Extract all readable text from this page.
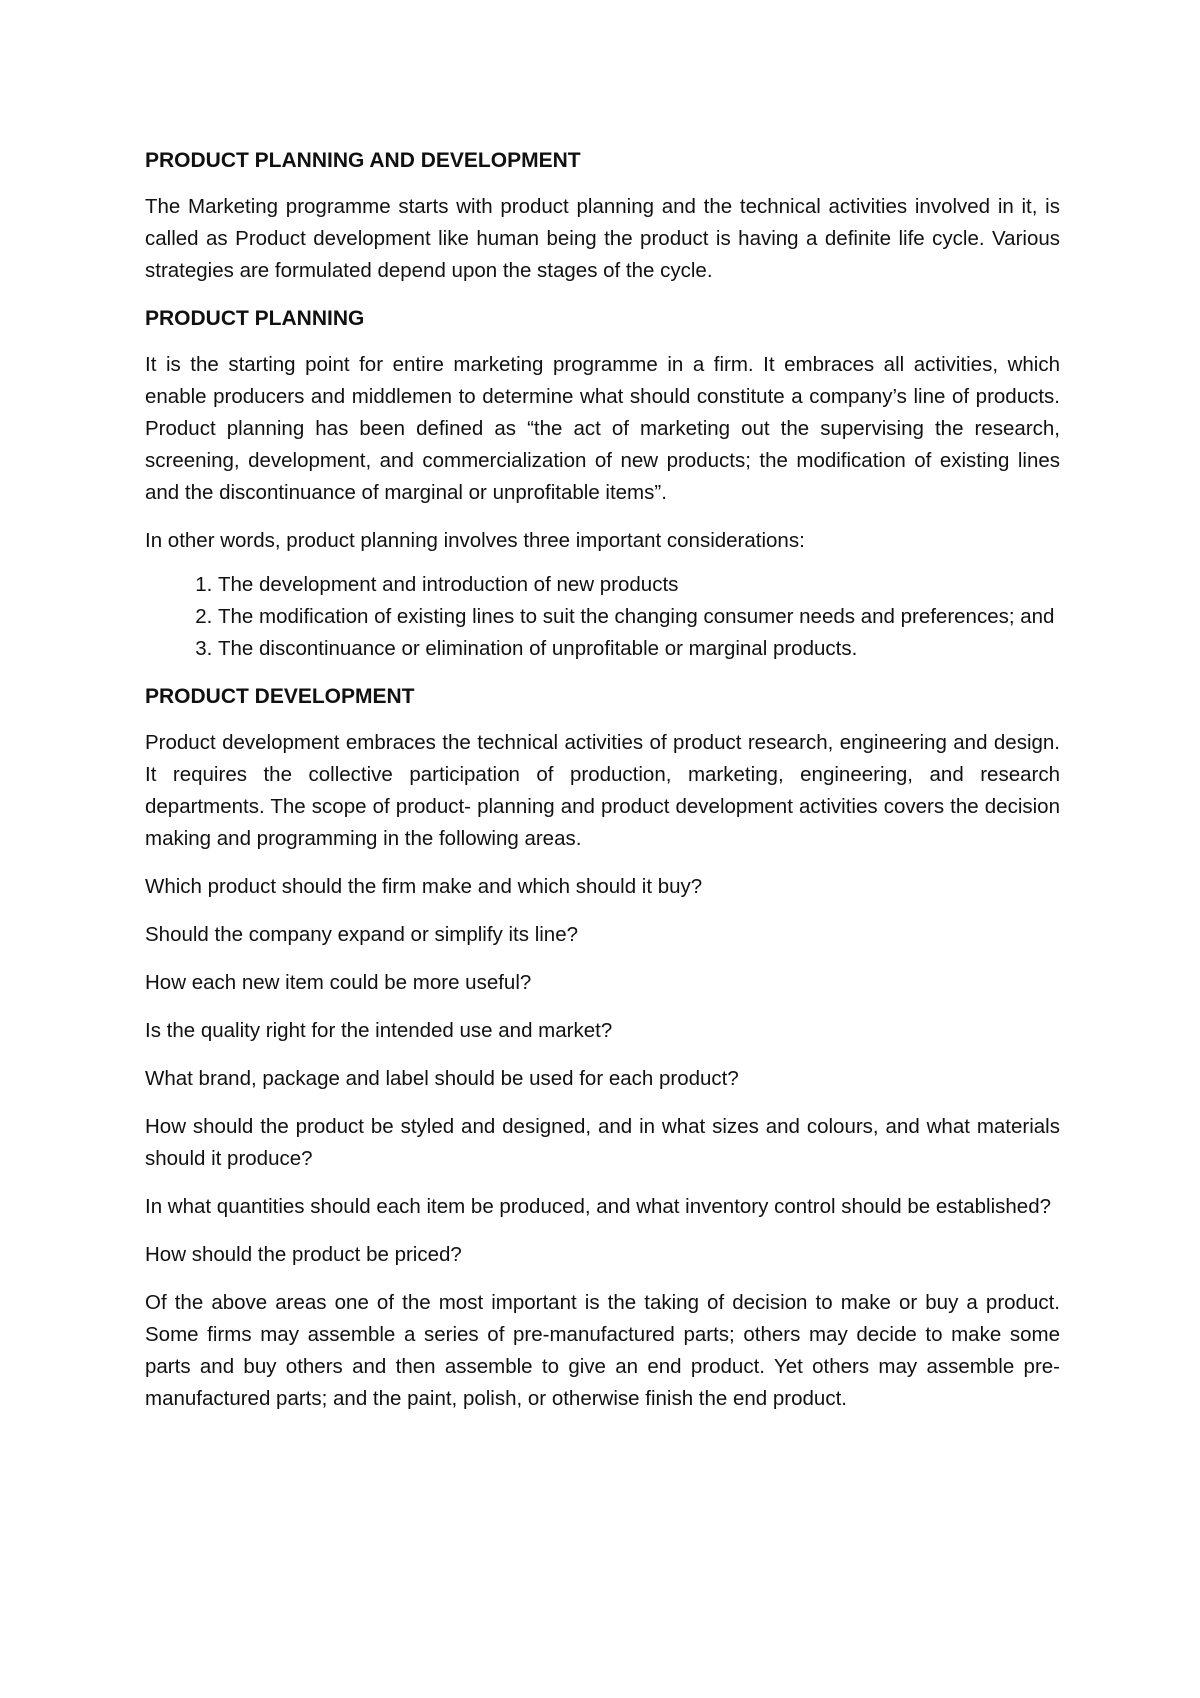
PRODUCT PLANNING AND DEVELOPMENT

The Marketing programme starts with product planning and the technical activities involved in it, is called as Product development like human being the product is having a definite life cycle. Various strategies are formulated depend upon the stages of the cycle.

PRODUCT PLANNING

It is the starting point for entire marketing programme in a firm. It embraces all activities, which enable producers and middlemen to determine what should constitute a company’s line of products. Product planning has been defined as “the act of marketing out the supervising the research, screening, development, and commercialization of new products; the modification of existing lines and the discontinuance of marginal or unprofitable items”.

In other words, product planning involves three important considerations:

1. The development and introduction of new products
2. The modification of existing lines to suit the changing consumer needs and preferences; and
3. The discontinuance or elimination of unprofitable or marginal products.
PRODUCT DEVELOPMENT

Product development embraces the technical activities of product research, engineering and design. It requires the collective participation of production, marketing, engineering, and research departments. The scope of product- planning and product development activities covers the decision making and programming in the following areas.

Which product should the firm make and which should it buy?

Should the company expand or simplify its line?

How each new item could be more useful?

Is the quality right for the intended use and market?

What brand, package and label should be used for each product?

How should the product be styled and designed, and in what sizes and colours, and what materials should it produce?

In what quantities should each item be produced, and what inventory control should be established?

How should the product be priced?

Of the above areas one of the most important is the taking of decision to make or buy a product. Some firms may assemble a series of pre-manufactured parts; others may decide to make some parts and buy others and then assemble to give an end product. Yet others may assemble pre-manufactured parts; and the paint, polish, or otherwise finish the end product.
